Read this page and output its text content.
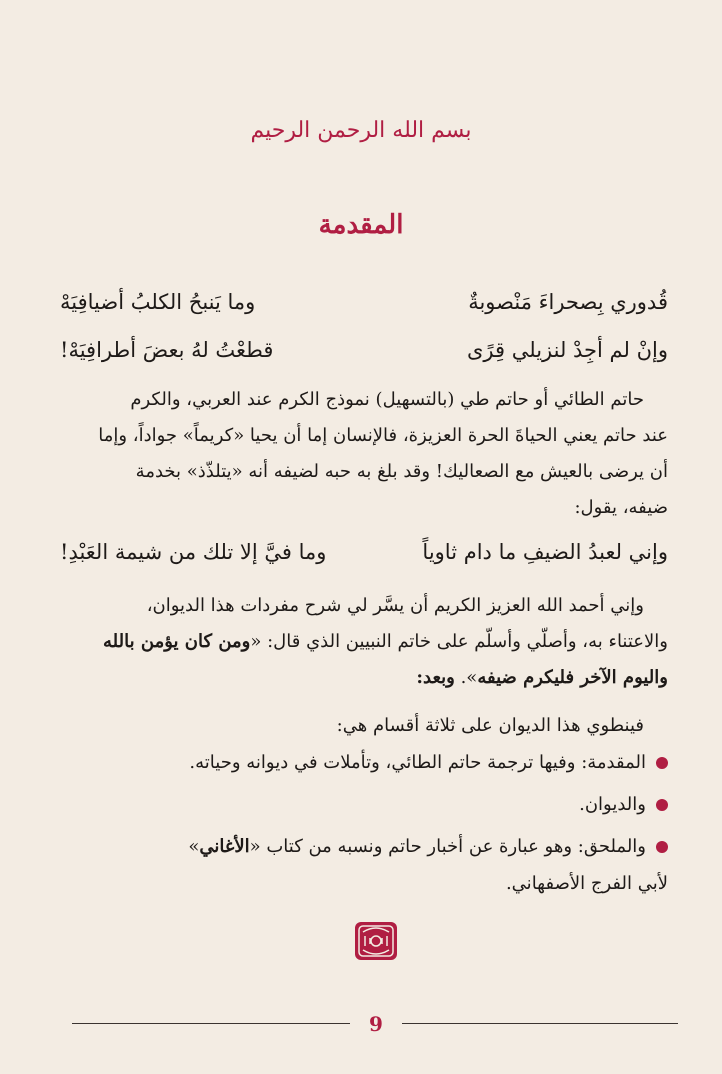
بسم الله الرحمن الرحيم
المقدمة
قُدوري بِصحراءَ مَنْصوبةٌ
وما يَنبحُ الكلبُ أضيافِيَهْ
وإنْ لم أجِدْ لنزيلي قِرًى
قطعْتُ لهُ بعضَ أطرافِيَهْ!
حاتم الطائي أو حاتم طي (بالتسهيل) نموذج الكرم عند العربي، والكرم
عند حاتم يعني الحياةَ الحرة العزيزة، فالإنسان إما أن يحيا «كريماً» جواداً، وإما
أن يرضى بالعيش مع الصعاليك! وقد بلغ به حبه لضيفه أنه «يتلذّذ» بخدمة
ضيفه، يقول:
وإني لعبدُ الضيفِ ما دام ثاوياً
وما فيَّ إلا تلك من شيمة العَبْدِ!
وإني أحمد الله العزيز الكريم أن يسَّر لي شرح مفردات هذا الديوان،
والاعتناء به، وأصلّي وأسلّم على خاتم النبيين الذي قال: «ومن كان يؤمن بالله
واليوم الآخر فليكرم ضيفه». وبعد:
فينطوي هذا الديوان على ثلاثة أقسام هي:
المقدمة: وفيها ترجمة حاتم الطائي، وتأملات في ديوانه وحياته.
والديوان.
والملحق: وهو عبارة عن أخبار حاتم ونسبه من كتاب «الأغاني»
لأبي الفرج الأصفهاني.
9
